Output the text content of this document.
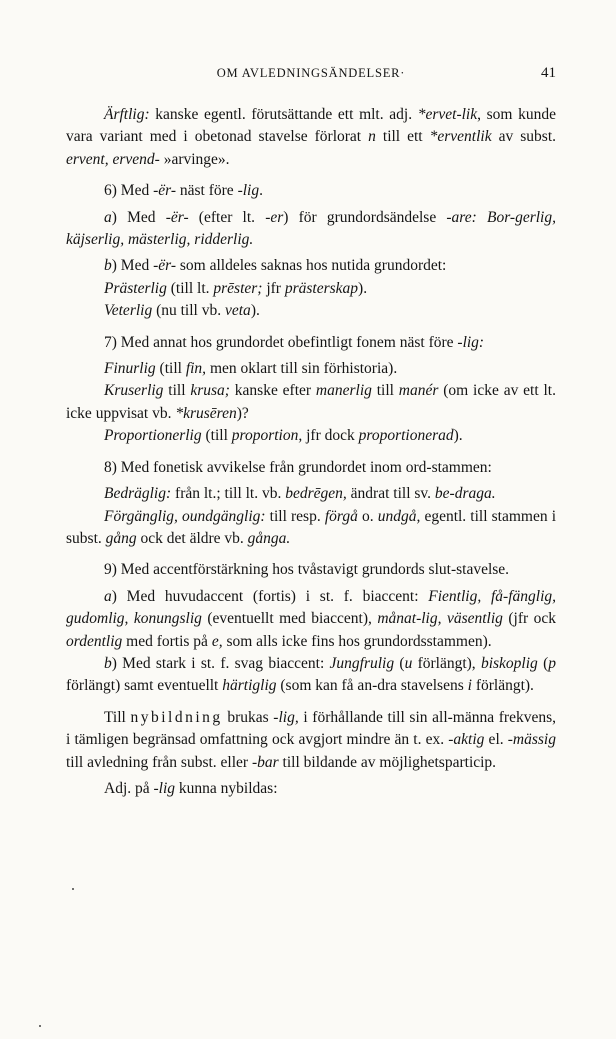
OM AVLEDNINGSÄNDELSER·	41

Ärftlig: kanske egentl. förutsättande ett mlt. adj. *ervet-lik, som kunde vara variant med i obetonad stavelse förlorat n till ett *erventlik av subst. ervent, ervend- »arvinge».

6) Med -ër- näst före -lig.

a) Med -ër- (efter lt. -er) för grundordsändelse -are: Bor-gerlig, käjserlig, mästerlig, ridderlig.

b) Med -ër- som alldeles saknas hos nutida grundordet:

Prästerlig (till lt. prēster; jfr prästerskap).

Veterlig (nu till vb. veta).

7) Med annat hos grundordet obefintligt fonem näst före -lig:

Finurlig (till fin, men oklart till sin förhistoria).

Kruserlig till krusa; kanske efter manerlig till manér (om icke av ett lt. icke uppvisat vb. *krusēren)?

Proportionerlig (till proportion, jfr dock proportionerad).

8) Med fonetisk avvikelse från grundordet inom ord-stammen:

Bedräglig: från lt.; till lt. vb. bedrēgen, ändrat till sv. be-draga.

Förgänglig, oundgänglig: till resp. förgå o. undgå, egentl. till stammen i subst. gång ock det äldre vb. gånga.

9) Med accentförstärkning hos tvåstavigt grundords slut-stavelse.

a) Med huvudaccent (fortis) i st. f. biaccent: Fientlig, få-fänglig, gudomlig, konungslig (eventuellt med biaccent), månat-lig, väsentlig (jfr ock ordentlig med fortis på e, som alls icke fins hos grundordsstammen).

b) Med stark i st. f. svag biaccent: Jungfrulig (u förlängt), biskoplig (p förlängt) samt eventuellt härtiglig (som kan få an-dra stavelsens i förlängt).

Till nybildning brukas -lig, i förhållande till sin all-männa frekvens, i tämligen begränsad omfattning ock avgjort mindre än t. ex. -aktig el. -mässig till avledning från subst. eller -bar till bildande av möjlighetsparticip.

Adj. på -lig kunna nybildas:
